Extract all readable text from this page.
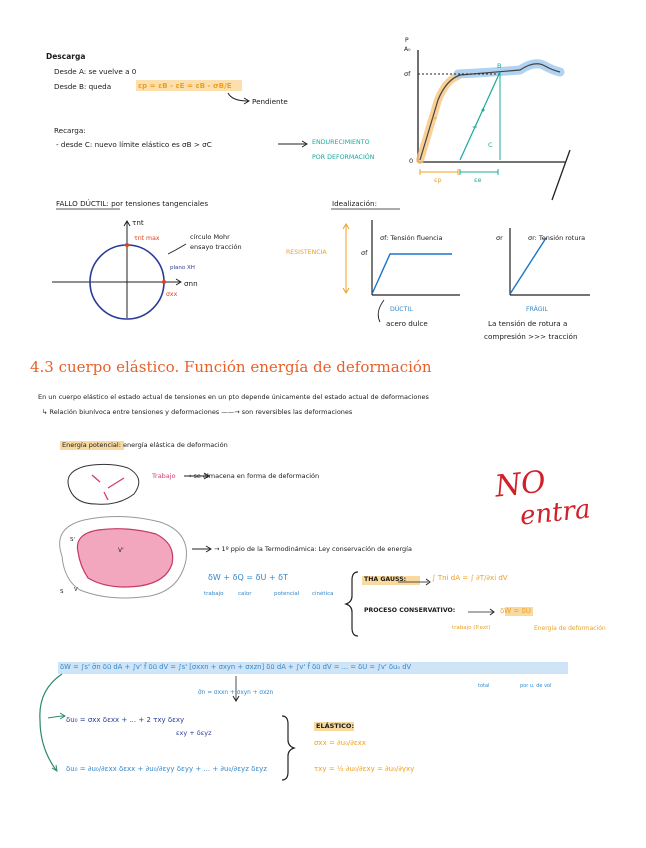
Descarga
Desde A: se vuelve a 0
Desde B: queda	εp = εB - εE = εB - σB/E
Pendiente
Recarga:
- desde C: nuevo límite elástico es σB > σC	ENDURECIMIENTO
POR DEFORMACIÓN
P
A₀
σf
0
B
C
=
=
εp	εe
FALLO DÚCTIL: por tensiones tangenciales
τnt
τnt max	círculo Mohr
ensayo tracción
plano XH
σnn
σxx
Idealización:
RESISTENCIA	σf
σf: Tensión fluencia	σr	σr: Tensión rotura
DÚCTIL
acero dulce
FRÁGIL
La tensión de rotura a
compresión >>> tracción
4.3 cuerpo elástico. Función energía de deformación
En un cuerpo elástico el estado actual de tensiones en un pto depende únicamente del estado actual de deformaciones
↳ Relación biunívoca entre tensiones y deformaciones ——→ son reversibles las deformaciones
Energía potencial: energía elástica de deformación
Trabajo → se almacena en forma de deformación	NO
entra
S V
S'
V'	→ 1º ppio de la Termodinámica: Ley conservación de energía
δW + δQ = δU + δT
trabajo	calor	potencial cinética
THA GAUSS:	∫ Tni dA = ∫ ∂T/∂xi dV
PROCESO CONSERVATIVO:	δW = δU
trabajo (P.ext)	Energía de deformación
δW = ∫s' σ̄n δū dA + ∫v' f̄ δū dV = ∫s' [σxxn + σxyn + σxzn] δū dA + ∫v' f̄ δū dV = ... = δU = ∫v' δu₀ dV
σ̄n = σxxn + σxyn + σxzn
total	por u. de vol
δu₀ = σxx δεxx + ... + 2 τxy δεxy
εxy + δεyz
δu₀ = ∂u₀/∂εxx δεxx + ∂u₀/∂εyy δεyy + ... + ∂u₀/∂εyz δεyz
ELÁSTICO:
σxx = ∂u₀/∂εxx
τxy = ½ ∂u₀/∂εxy = ∂u₀/∂γxy
